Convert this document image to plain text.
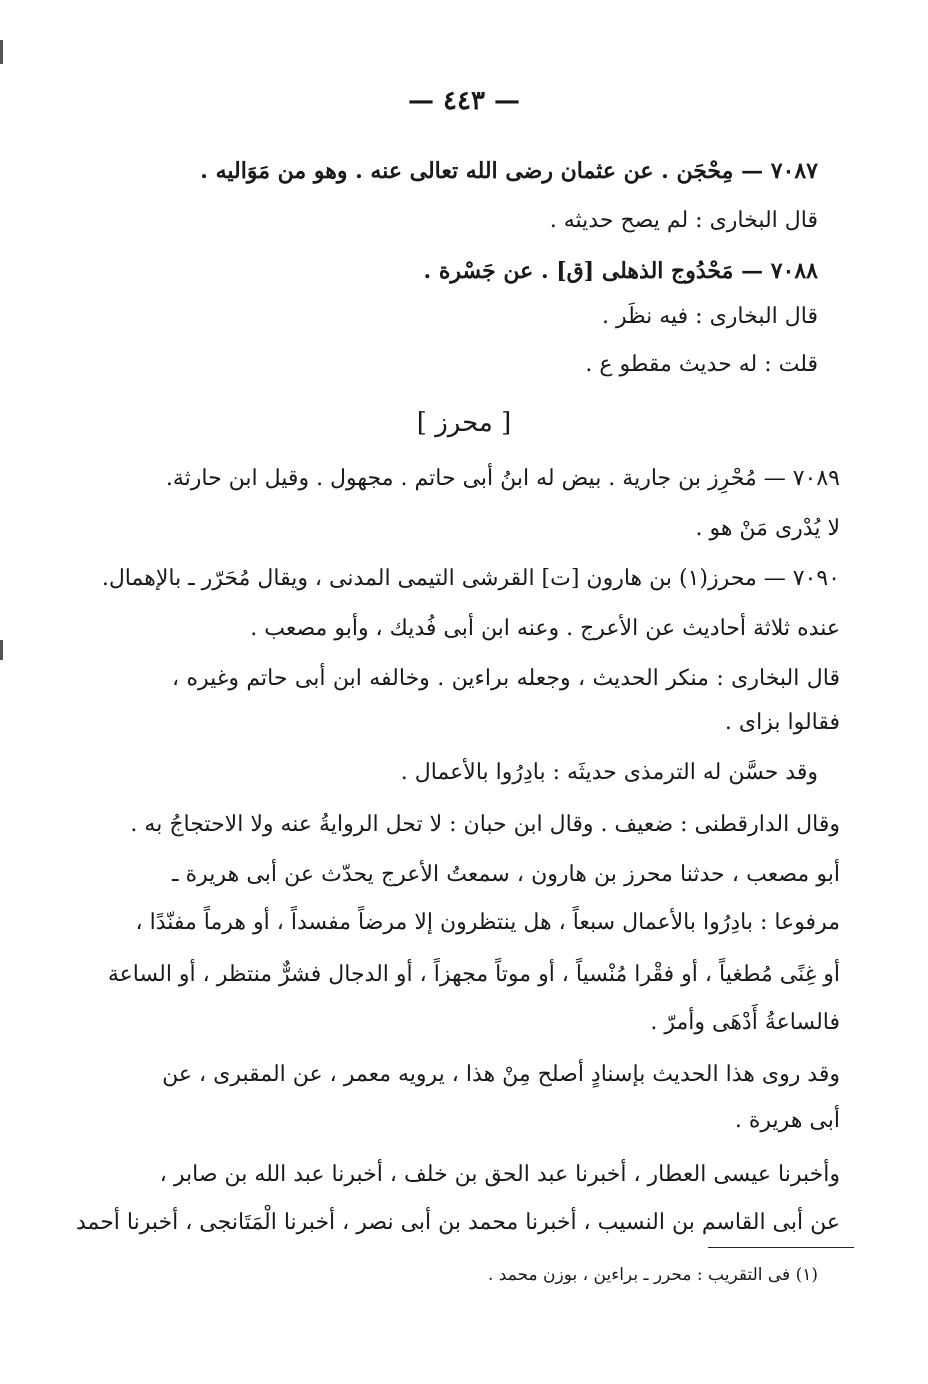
— ٤٤٣ —
٧٠٨٧ — مِحْجَن . عن عثمان رضى الله تعالى عنه . وهو من مَوَاليه .
قال البخارى : لم يصح حديثه .
٧٠٨٨ — مَحْدُوج الذهلى [ق] . عن جَسْرة .
قال البخارى : فيه نظَر .
قلت : له حديث مقطو ع .
[ محرز ]
٧٠٨٩ — مُحْرِز بن جارية . بيض له ابنُ أبى حاتم . مجهول . وقيل ابن حارثة.
لا يُدْرى مَنْ هو .
٧٠٩٠ — محرز(١) بن هارون [ت] القرشى التيمى المدنى ، ويقال مُحَرّر ـ بالإهمال.
عنده ثلاثة أحاديث عن الأعرج . وعنه ابن أبى فُديك ، وأبو مصعب .
قال البخارى : منكر الحديث ، وجعله براءين . وخالفه ابن أبى حاتم وغيره ،
فقالوا بزاى .
وقد حسَّن له الترمذى حديثَه : بادِرُوا بالأعمال .
وقال الدارقطنى : ضعيف . وقال ابن حبان : لا تحل الروايةُ عنه ولا الاحتجاجُ به .
أبو مصعب ، حدثنا محرز بن هارون ، سمعتُ الأعرج يحدّث عن أبى هريرة ـ
مرفوعا : بادِرُوا بالأعمال سبعاً ، هل ينتظرون إلا مرضاً مفسداً ، أو هرماً مفنّدًا ،
أو غِنًى مُطغياً ، أو فقْرا مُنْسياً ، أو موتاً مجهزاً ، أو الدجال فشرٌّ منتظر ، أو الساعة
فالساعةُ أَدْهَى وأمرّ .
وقد روى هذا الحديث بإسنادٍ أصلح مِنْ هذا ، يرويه معمر ، عن المقبرى ، عن
أبى هريرة .
وأخبرنا عيسى العطار ، أخبرنا عبد الحق بن خلف ، أخبرنا عبد الله بن صابر ،
عن أبى القاسم بن النسيب ، أخبرنا محمد بن أبى نصر ، أخبرنا الْمَتَانجى ، أخبرنا أحمد
(١) فى التقريب : محرر ـ براءين ، بوزن محمد .
